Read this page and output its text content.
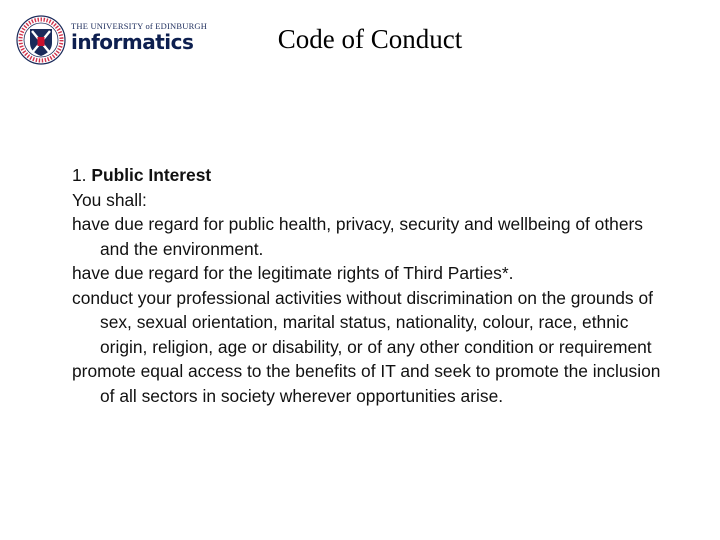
THE UNIVERSITY of EDINBURGH
informatics	Code of Conduct
1. Public Interest

You shall:

have due regard for public health, privacy, security and wellbeing of others and the environment.

have due regard for the legitimate rights of Third Parties*.

conduct your professional activities without discrimination on the grounds of sex, sexual orientation, marital status, nationality, colour, race, ethnic origin, religion, age or disability, or of any other condition or requirement

promote equal access to the benefits of IT and seek to promote the inclusion of all sectors in society wherever opportunities arise.
